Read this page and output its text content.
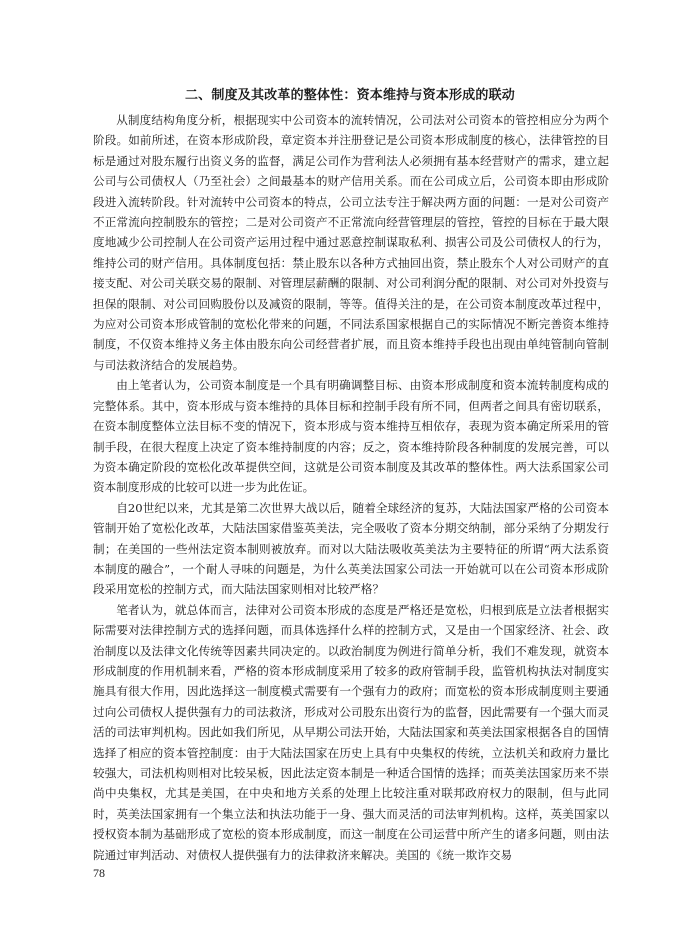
二、制度及其改革的整体性：资本维持与资本形成的联动

从制度结构角度分析，根据现实中公司资本的流转情况，公司法对公司资本的管控相应分为两个阶段。如前所述，在资本形成阶段，章定资本并注册登记是公司资本形成制度的核心，法律管控的目标是通过对股东履行出资义务的监督，满足公司作为营利法人必须拥有基本经营财产的需求，建立起公司与公司债权人（乃至社会）之间最基本的财产信用关系。而在公司成立后，公司资本即由形成阶段进入流转阶段。针对流转中公司资本的特点，公司立法专注于解决两方面的问题：一是对公司资产不正常流向控制股东的管控；二是对公司资产不正常流向经营管理层的管控，管控的目标在于最大限度地减少公司控制人在公司资产运用过程中通过恶意控制谋取私利、损害公司及公司债权人的行为，维持公司的财产信用。具体制度包括：禁止股东以各种方式抽回出资，禁止股东个人对公司财产的直接支配、对公司关联交易的限制、对管理层薪酬的限制、对公司利润分配的限制、对公司对外投资与担保的限制、对公司回购股份以及减资的限制，等等。值得关注的是，在公司资本制度改革过程中，为应对公司资本形成管制的宽松化带来的问题，不同法系国家根据自己的实际情况不断完善资本维持制度，不仅资本维持义务主体由股东向公司经营者扩展，而且资本维持手段也出现由单纯管制向管制与司法救济结合的发展趋势。

由上笔者认为，公司资本制度是一个具有明确调整目标、由资本形成制度和资本流转制度构成的完整体系。其中，资本形成与资本维持的具体目标和控制手段有所不同，但两者之间具有密切联系，在资本制度整体立法目标不变的情况下，资本形成与资本维持互相依存，表现为资本确定所采用的管制手段，在很大程度上决定了资本维持制度的内容；反之，资本维持阶段各种制度的发展完善，可以为资本确定阶段的宽松化改革提供空间，这就是公司资本制度及其改革的整体性。两大法系国家公司资本制度形成的比较可以进一步为此佐证。

自20世纪以来，尤其是第二次世界大战以后，随着全球经济的复苏，大陆法国家严格的公司资本管制开始了宽松化改革，大陆法国家借鉴英美法，完全吸收了资本分期交纳制，部分采纳了分期发行制；在美国的一些州法定资本制则被放弃。而对以大陆法吸收英美法为主要特征的所谓“两大法系资本制度的融合”，一个耐人寻味的问题是，为什么英美法国家公司法一开始就可以在公司资本形成阶段采用宽松的控制方式，而大陆法国家则相对比较严格？

笔者认为，就总体而言，法律对公司资本形成的态度是严格还是宽松，归根到底是立法者根据实际需要对法律控制方式的选择问题，而具体选择什么样的控制方式，又是由一个国家经济、社会、政治制度以及法律文化传统等因素共同决定的。以政治制度为例进行简单分析，我们不难发现，就资本形成制度的作用机制来看，严格的资本形成制度采用了较多的政府管制手段，监管机构执法对制度实施具有很大作用，因此选择这一制度模式需要有一个强有力的政府；而宽松的资本形成制度则主要通过向公司债权人提供强有力的司法救济，形成对公司股东出资行为的监督，因此需要有一个强大而灵活的司法审判机构。因此如我们所见，从早期公司法开始，大陆法国家和英美法国家根据各自的国情选择了相应的资本管控制度：由于大陆法国家在历史上具有中央集权的传统，立法机关和政府力量比较强大，司法机构则相对比较呆板，因此法定资本制是一种适合国情的选择；而英美法国家历来不崇尚中央集权，尤其是美国，在中央和地方关系的处理上比较注重对联邦政府权力的限制，但与此同时，英美法国家拥有一个集立法和执法功能于一身、强大而灵活的司法审判机构。这样，英美国家以授权资本制为基础形成了宽松的资本形成制度，而这一制度在公司运营中所产生的诸多问题，则由法院通过审判活动、对债权人提供强有力的法律救济来解决。美国的《统一欺诈交易

78
